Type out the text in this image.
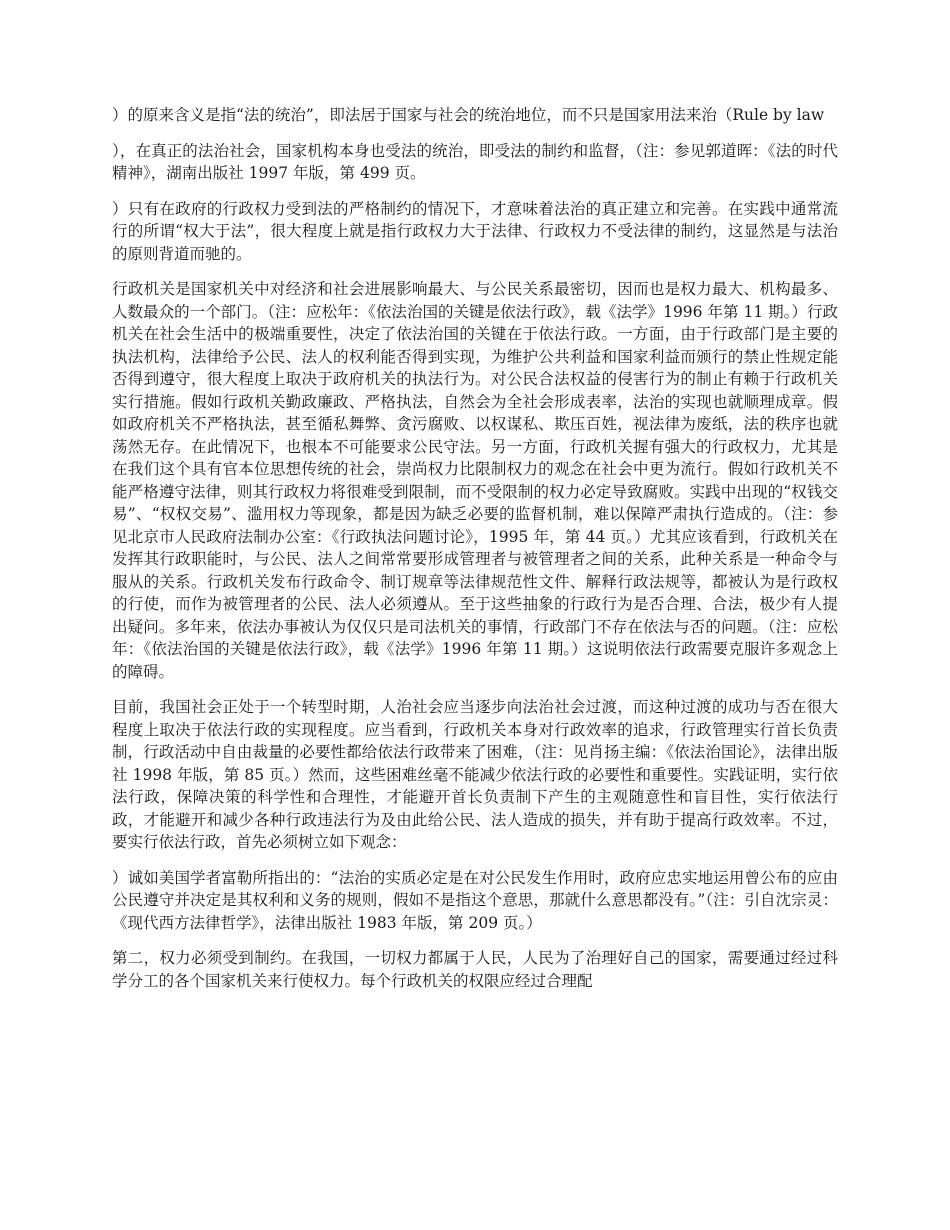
）的原来含义是指“法的统治”，即法居于国家与社会的统治地位，而不只是国家用法来治（Rule by law

），在真正的法治社会，国家机构本身也受法的统治，即受法的制约和监督，（注：参见郭道晖：《法的时代精神》，湖南出版社 1997 年版，第 499 页。

）只有在政府的行政权力受到法的严格制约的情况下，才意味着法治的真正建立和完善。在实践中通常流行的所谓“权大于法”，很大程度上就是指行政权力大于法律、行政权力不受法律的制约，这显然是与法治的原则背道而驰的。

行政机关是国家机关中对经济和社会进展影响最大、与公民关系最密切，因而也是权力最大、机构最多、人数最众的一个部门。（注：应松年：《依法治国的关键是依法行政》，载《法学》1996 年第 11 期。）行政机关在社会生活中的极端重要性，决定了依法治国的关键在于依法行政。一方面，由于行政部门是主要的执法机构，法律给予公民、法人的权利能否得到实现，为维护公共利益和国家利益而颁行的禁止性规定能否得到遵守，很大程度上取决于政府机关的执法行为。对公民合法权益的侵害行为的制止有赖于行政机关实行措施。假如行政机关勤政廉政、严格执法，自然会为全社会形成表率，法治的实现也就顺理成章。假如政府机关不严格执法，甚至循私舞弊、贪污腐败、以权谋私、欺压百姓，视法律为废纸，法的秩序也就荡然无存。在此情况下，也根本不可能要求公民守法。另一方面，行政机关握有强大的行政权力，尤其是在我们这个具有官本位思想传统的社会，崇尚权力比限制权力的观念在社会中更为流行。假如行政机关不能严格遵守法律，则其行政权力将很难受到限制，而不受限制的权力必定导致腐败。实践中出现的“权钱交易”、“权权交易”、滥用权力等现象，都是因为缺乏必要的监督机制，难以保障严肃执行造成的。（注：参见北京市人民政府法制办公室：《行政执法问题讨论》，1995 年，第 44 页。）尤其应该看到，行政机关在发挥其行政职能时，与公民、法人之间常常要形成管理者与被管理者之间的关系，此种关系是一种命令与服从的关系。行政机关发布行政命令、制订规章等法律规范性文件、解释行政法规等，都被认为是行政权的行使，而作为被管理者的公民、法人必须遵从。至于这些抽象的行政行为是否合理、合法，极少有人提出疑问。多年来，依法办事被认为仅仅只是司法机关的事情，行政部门不存在依法与否的问题。（注：应松年：《依法治国的关键是依法行政》，载《法学》1996 年第 11 期。）这说明依法行政需要克服许多观念上的障碍。

目前，我国社会正处于一个转型时期，人治社会应当逐步向法治社会过渡，而这种过渡的成功与否在很大程度上取决于依法行政的实现程度。应当看到，行政机关本身对行政效率的追求，行政管理实行首长负责制，行政活动中自由裁量的必要性都给依法行政带来了困难，（注：见肖扬主编：《依法治国论》，法律出版社 1998 年版，第 85 页。）然而，这些困难丝毫不能减少依法行政的必要性和重要性。实践证明，实行依法行政，保障决策的科学性和合理性，才能避开首长负责制下产生的主观随意性和盲目性，实行依法行政，才能避开和减少各种行政违法行为及由此给公民、法人造成的损失，并有助于提高行政效率。不过，要实行依法行政，首先必须树立如下观念：

）诚如美国学者富勒所指出的：“法治的实质必定是在对公民发生作用时，政府应忠实地运用曾公布的应由公民遵守并决定是其权利和义务的规则，假如不是指这个意思，那就什么意思都没有。”（注：引自沈宗灵：《现代西方法律哲学》，法律出版社 1983 年版，第 209 页。）

第二，权力必须受到制约。在我国，一切权力都属于人民，人民为了治理好自己的国家，需要通过经过科学分工的各个国家机关来行使权力。每个行政机关的权限应经过合理配
